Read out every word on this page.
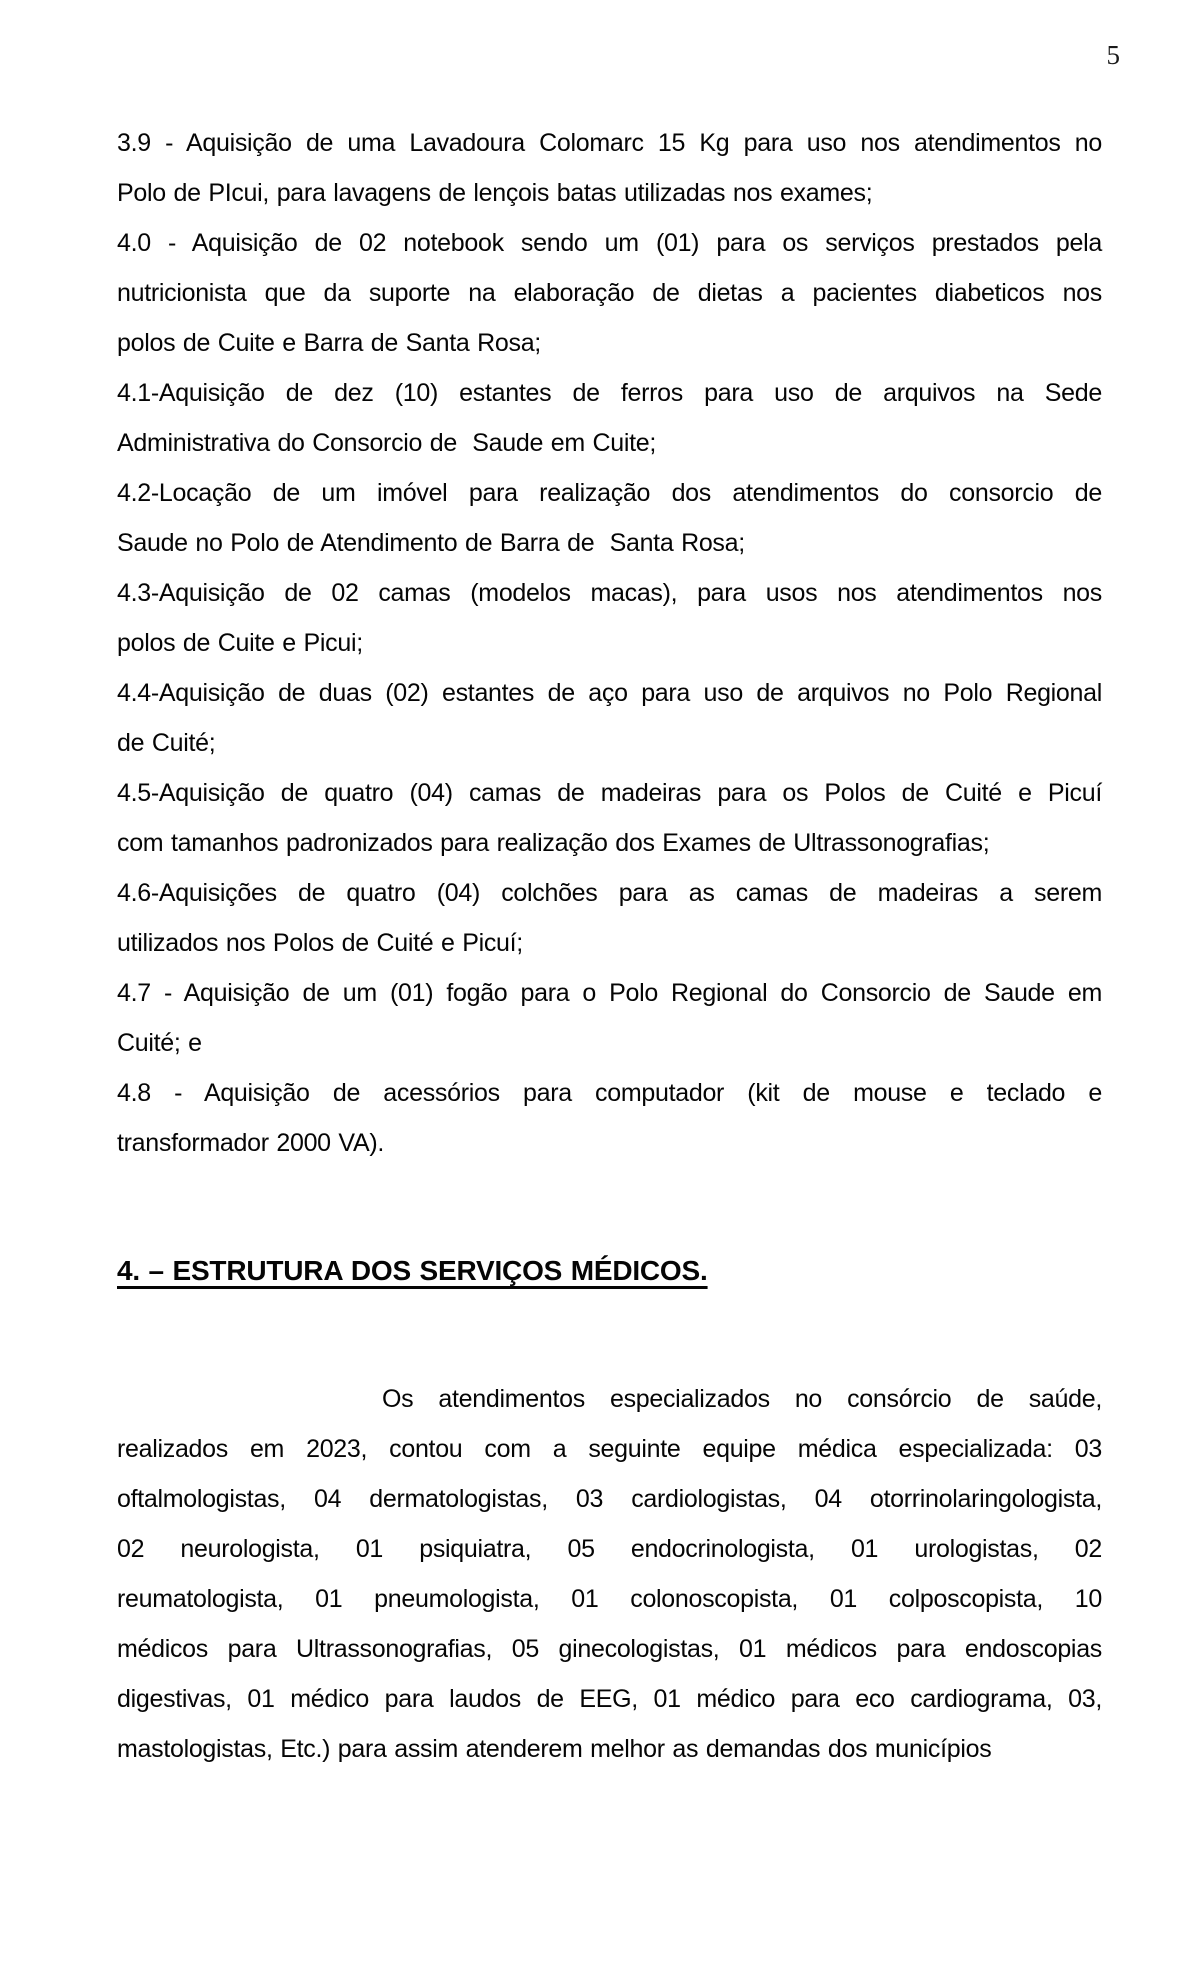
5

3.9 - Aquisição de uma Lavadoura Colomarc 15 Kg para uso nos atendimentos no
Polo de PIcui, para lavagens de lençois batas utilizadas nos exames;

4.0 - Aquisição de 02 notebook sendo um (01) para os serviços prestados pela
nutricionista que da suporte na elaboração de dietas a pacientes diabeticos nos
polos de Cuite e Barra de Santa Rosa;

4.1-Aquisição de dez (10) estantes de ferros para uso de arquivos na Sede
Administrativa do Consorcio de  Saude em Cuite;

4.2-Locação de um imóvel para realização dos atendimentos do consorcio de
Saude no Polo de Atendimento de Barra de  Santa Rosa;

4.3-Aquisição de 02 camas (modelos macas), para usos nos atendimentos nos
polos de Cuite e Picui;

4.4-Aquisição de duas (02) estantes de aço para uso de arquivos no Polo Regional
de Cuité;

4.5-Aquisição de quatro (04) camas de madeiras para os Polos de Cuité e Picuí
com tamanhos padronizados para realização dos Exames de Ultrassonografias;

4.6-Aquisições de quatro (04) colchões para as camas de madeiras a serem
utilizados nos Polos de Cuité e Picuí;

4.7 - Aquisição de um (01) fogão para o Polo Regional do Consorcio de Saude em
Cuité; e

4.8 - Aquisição de acessórios para computador (kit de mouse e teclado e
transformador 2000 VA).

4. – ESTRUTURA DOS SERVIÇOS MÉDICOS.

Os atendimentos especializados no consórcio de saúde,
realizados em 2023, contou com a seguinte equipe médica especializada: 03
oftalmologistas, 04 dermatologistas, 03 cardiologistas, 04 otorrinolaringologista,
02 neurologista, 01 psiquiatra, 05 endocrinologista, 01 urologistas, 02
reumatologista, 01 pneumologista, 01 colonoscopista, 01 colposcopista, 10
médicos para Ultrassonografias, 05 ginecologistas, 01 médicos para endoscopias
digestivas, 01 médico para laudos de EEG, 01 médico para eco cardiograma, 03,
mastologistas, Etc.) para assim atenderem melhor as demandas dos municípios
